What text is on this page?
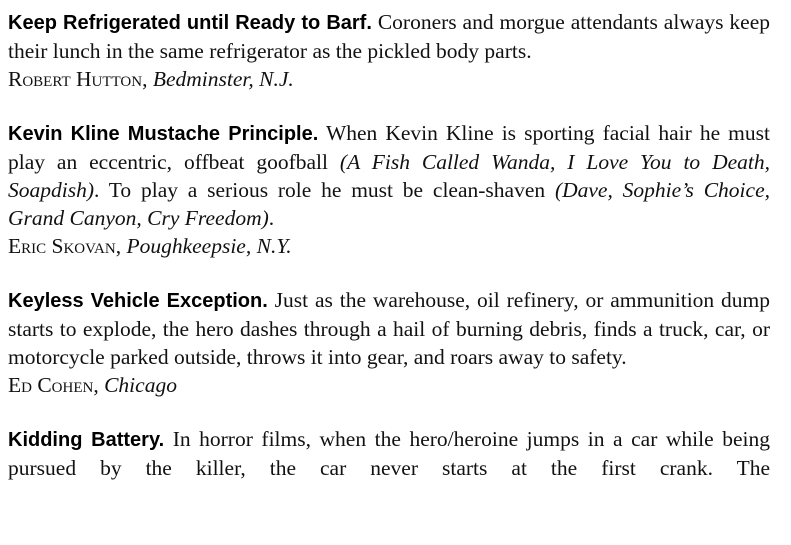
Keep Refrigerated until Ready to Barf. Coroners and morgue attendants always keep their lunch in the same refrigerator as the pickled body parts.

Robert Hutton, Bedminster, N.J.

Kevin Kline Mustache Principle. When Kevin Kline is sporting facial hair he must play an eccentric, offbeat goofball (A Fish Called Wanda, I Love You to Death, Soapdish). To play a serious role he must be clean-shaven (Dave, Sophie’s Choice, Grand Canyon, Cry Freedom).

Eric Skovan, Poughkeepsie, N.Y.

Keyless Vehicle Exception. Just as the warehouse, oil refinery, or ammunition dump starts to explode, the hero dashes through a hail of burning debris, finds a truck, car, or motorcycle parked outside, throws it into gear, and roars away to safety.

Ed Cohen, Chicago

Kidding Battery. In horror films, when the hero/heroine jumps in a car while being pursued by the killer, the car never starts at the first crank. The
